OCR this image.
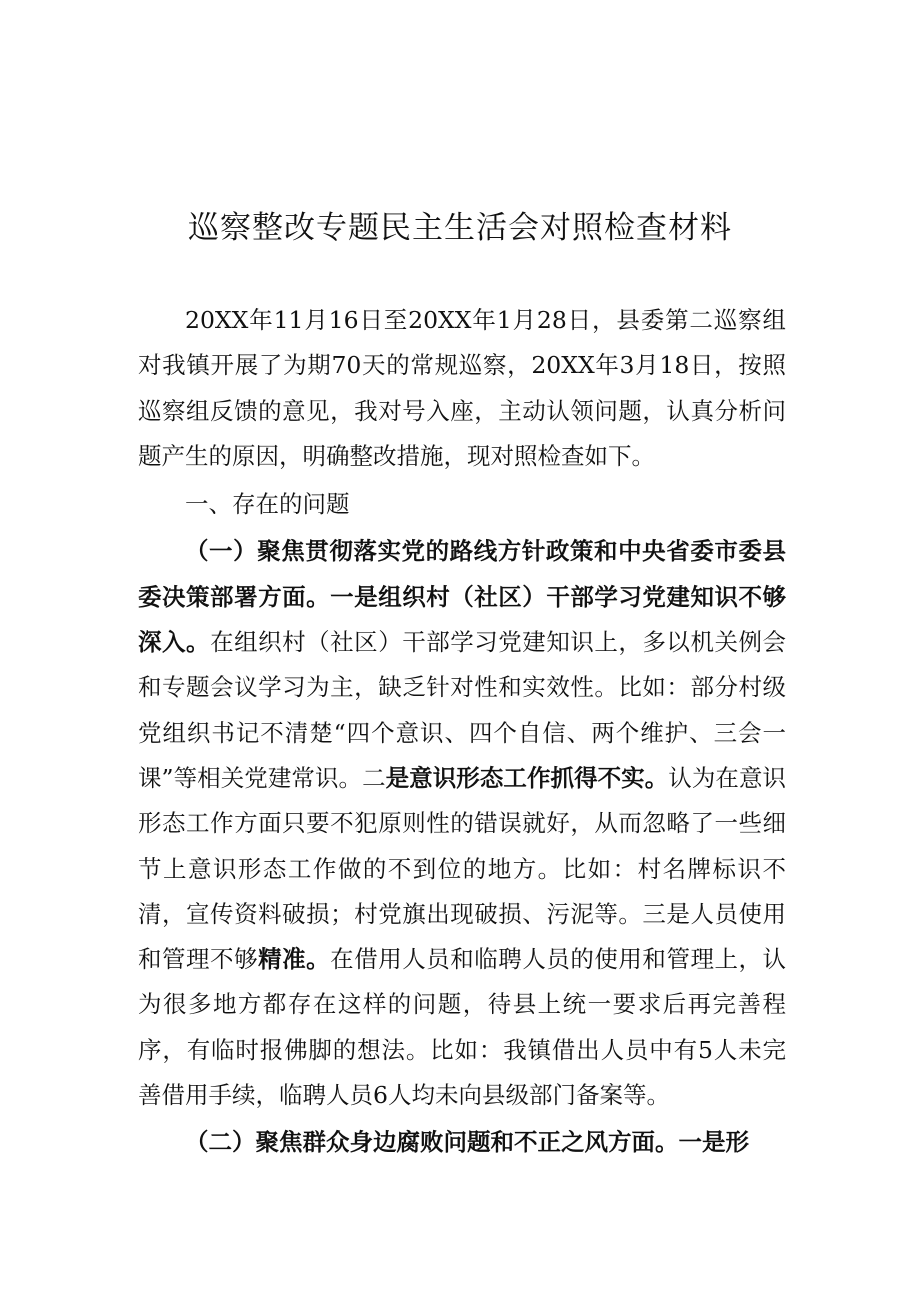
巡察整改专题民主生活会对照检查材料

20XX年11月16日至20XX年1月28日，县委第二巡察组对我镇开展了为期70天的常规巡察，20XX年3月18日，按照巡察组反馈的意见，我对号入座，主动认领问题，认真分析问题产生的原因，明确整改措施，现对照检查如下。

一、存在的问题

（一）聚焦贯彻落实党的路线方针政策和中央省委市委县委决策部署方面。一是组织村（社区）干部学习党建知识不够深入。在组织村（社区）干部学习党建知识上，多以机关例会和专题会议学习为主，缺乏针对性和实效性。比如：部分村级党组织书记不清楚“四个意识、四个自信、两个维护、三会一课”等相关党建常识。二是意识形态工作抓得不实。认为在意识形态工作方面只要不犯原则性的错误就好，从而忽略了一些细节上意识形态工作做的不到位的地方。比如：村名牌标识不清，宣传资料破损；村党旗出现破损、污泥等。三是人员使用和管理不够精准。在借用人员和临聘人员的使用和管理上，认为很多地方都存在这样的问题，待县上统一要求后再完善程序，有临时报佛脚的想法。比如：我镇借出人员中有5人未完善借用手续，临聘人员6人均未向县级部门备案等。

（二）聚焦群众身边腐败问题和不正之风方面。一是形
